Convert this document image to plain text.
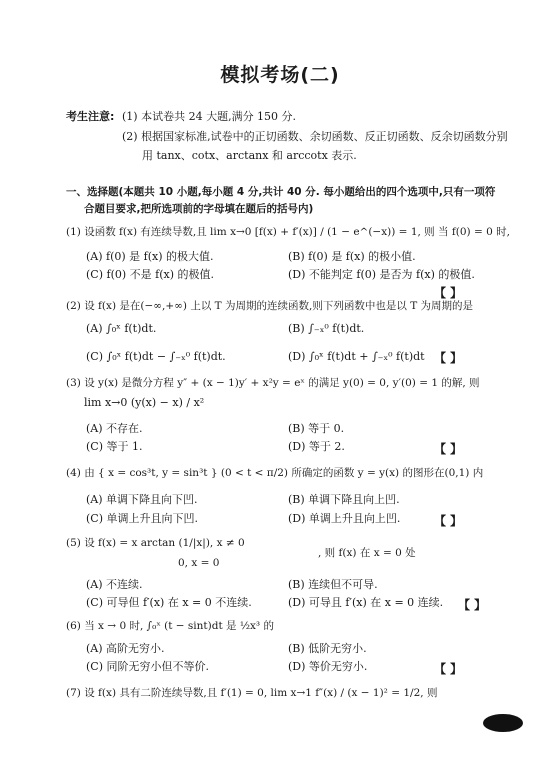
模拟考场(二)
考生注意: (1) 本试卷共 24 大题,满分 150 分.
(2) 根据国家标准,试卷中的正切函数、余切函数、反正切函数、反余切函数分别
用 tanx、cotx、arctanx 和 arccotx 表示.
一、选择题(本题共 10 小题,每小题 4 分,共计 40 分. 每小题给出的四个选项中,只有一项符
合题目要求,把所选项前的字母填在题后的括号内)
(1) 设函数 f(x) 有连续导数,且 lim x→0 [f(x) + f′(x)] / (1 − e^(−x)) = 1, 则 当 f(0) = 0 时,
(A) f(0) 是 f(x) 的极大值.	(B) f(0) 是 f(x) 的极小值.
(C) f(0) 不是 f(x) 的极值.	(D) 不能判定 f(0) 是否为 f(x) 的极值.
【 】
(2) 设 f(x) 是在(−∞,+∞) 上以 T 为周期的连续函数,则下列函数中也是以 T 为周期的是
(A) ∫₀ˣ f(t)dt.	(B) ∫₋ₓ⁰ f(t)dt.
(C) ∫₀ˣ f(t)dt − ∫₋ₓ⁰ f(t)dt.	(D) ∫₀ˣ f(t)dt + ∫₋ₓ⁰ f(t)dt 【 】
(3) 设 y(x) 是微分方程 y″ + (x − 1)y′ + x²y = eˣ 的满足 y(0) = 0, y′(0) = 1 的解, 则
lim x→0 (y(x) − x) / x²
(A) 不存在.	(B) 等于 0.
(C) 等于 1.	(D) 等于 2.	【 】
(4) 由 { x = cos³t, y = sin³t } (0 < t < π/2) 所确定的函数 y = y(x) 的图形在(0,1) 内
(A) 单调下降且向下凹.	(B) 单调下降且向上凹.
(C) 单调上升且向下凹.	(D) 单调上升且向上凹.	【 】
(5) 设 f(x) = x arctan (1/|x|), x ≠ 0
0, x = 0
, 则 f(x) 在 x = 0 处
(A) 不连续.	(B) 连续但不可导.
(C) 可导但 f′(x) 在 x = 0 不连续.	(D) 可导且 f′(x) 在 x = 0 连续. 【 】
(6) 当 x → 0 时, ∫₀ˣ (t − sint)dt 是 ½x³ 的
(A) 高阶无穷小.	(B) 低阶无穷小.
(C) 同阶无穷小但不等价.	(D) 等价无穷小.	【 】
(7) 设 f(x) 具有二阶连续导数,且 f′(1) = 0, lim x→1 f″(x) / (x − 1)² = 1/2, 则
